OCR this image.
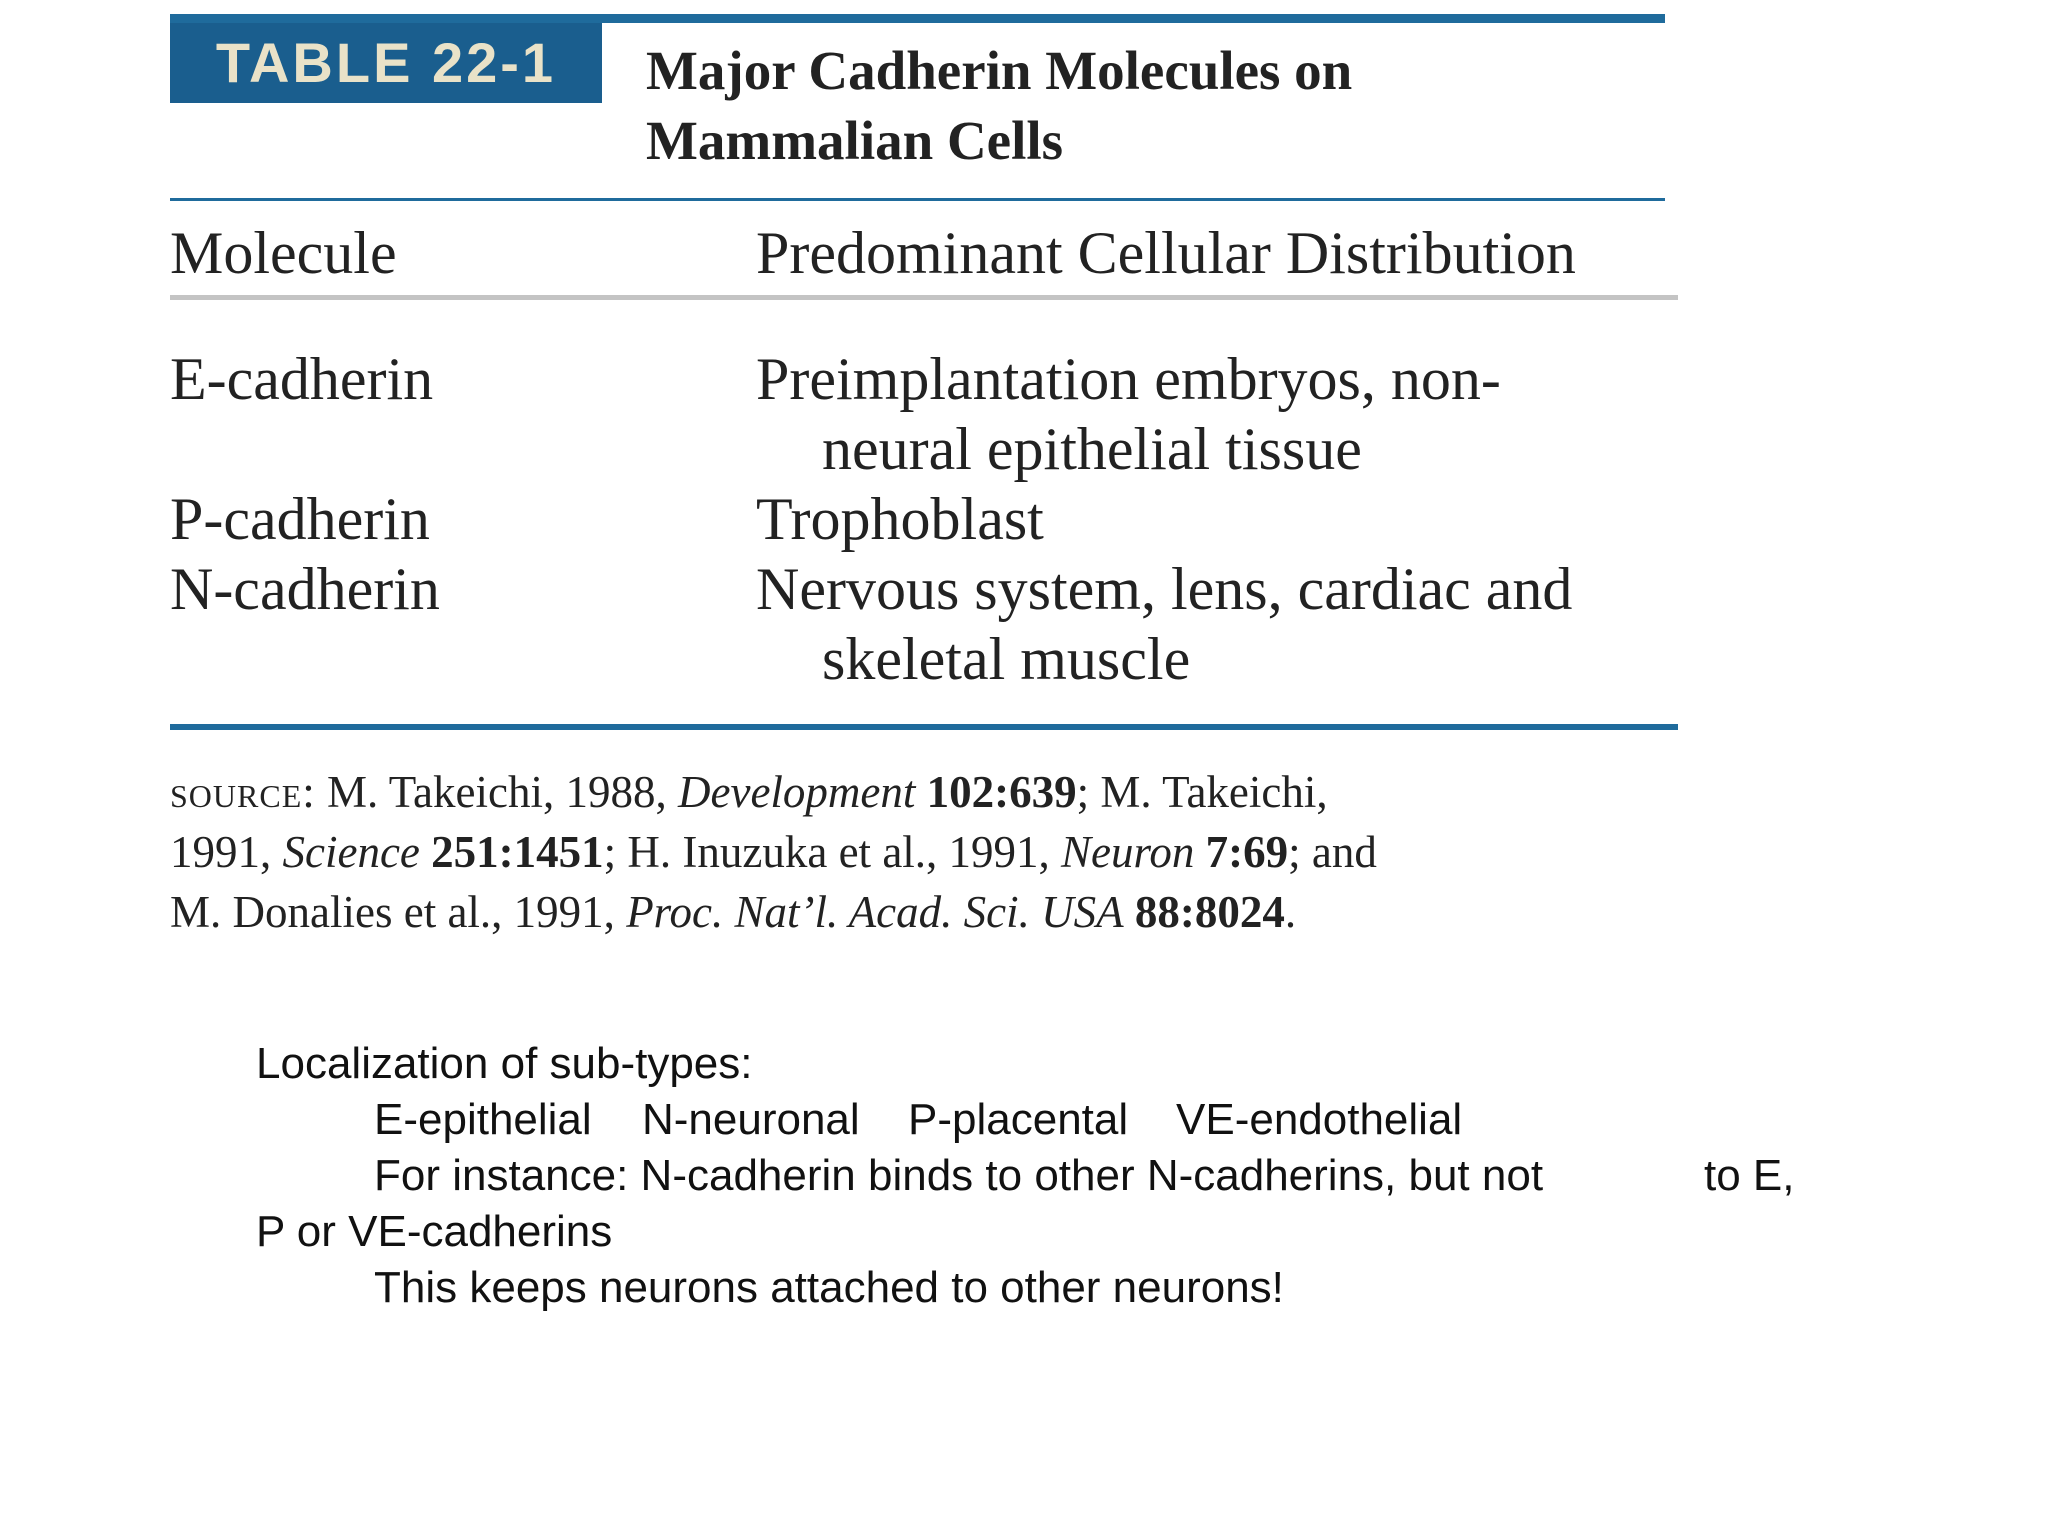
TABLE 22-1	Major Cadherin Molecules on
Mammalian Cells
Molecule	Predominant Cellular Distribution
E-cadherin	Preimplantation embryos, non-
neural epithelial tissue
P-cadherin	Trophoblast
N-cadherin	Nervous system, lens, cardiac and
skeletal muscle
source: M. Takeichi, 1988, Development 102:639; M. Takeichi,
1991, Science 251:1451; H. Inuzuka et al., 1991, Neuron 7:69; and
M. Donalies et al., 1991, Proc. Nat’l. Acad. Sci. USA 88:8024.
Localization of sub-types:
E-epithelial N-neuronal P-placental VE-endothelial
For instance: N-cadherin binds to other N-cadherins, but not	to E,
P or VE-cadherins
This keeps neurons attached to other neurons!
